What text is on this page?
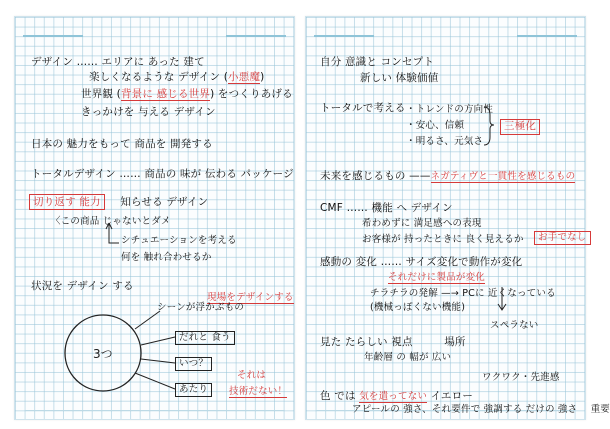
デザイン …… エリアに あった 建て
楽しくなるような デザイン (小悪魔)
世界観 (背景に 感じる世界) をつくりあげる
きっかけを 与える デザイン
日本の 魅力をもって 商品を 開発する
トータルデザイン …… 商品の 味が 伝わる パッケージ
切り返す 能力 知らせる デザイン
〈この商品 じゃないとダメ
シチュエーションを考える
何を 触れ合わせるか
状況を デザイン する
現場をデザインする
3つ
シーンが浮かぶもの
だれと 食う
いつ？
あたり
それは
技術だない！
自分 意識と コンセプト
新しい 体験価値
トータルで考える ・トレンドの方向性
・安心、信頼
・明るさ、元気さ
三極化
未来を感じるもの ——ネガティヴと一貫性を感じるもの
CMF …… 機能 へ デザイン
希わめずに 満足感への表現
お客様が 持ったときに 良く見えるか	お手でなし
感動の 変化 …… サイズ変化で動作が変化
それだけに製品が変化
チラチラの発解 —→ PCに 近くなっている
(機械っぽくない機能)
スペラない
見た たらしい 視点	場所
年齢層 の 幅が 広い
ワクワク・先進感
色 では 気を遣ってない イエロー
アピールの 強さ、それ要件で 強調する だけの 強さ 重要
